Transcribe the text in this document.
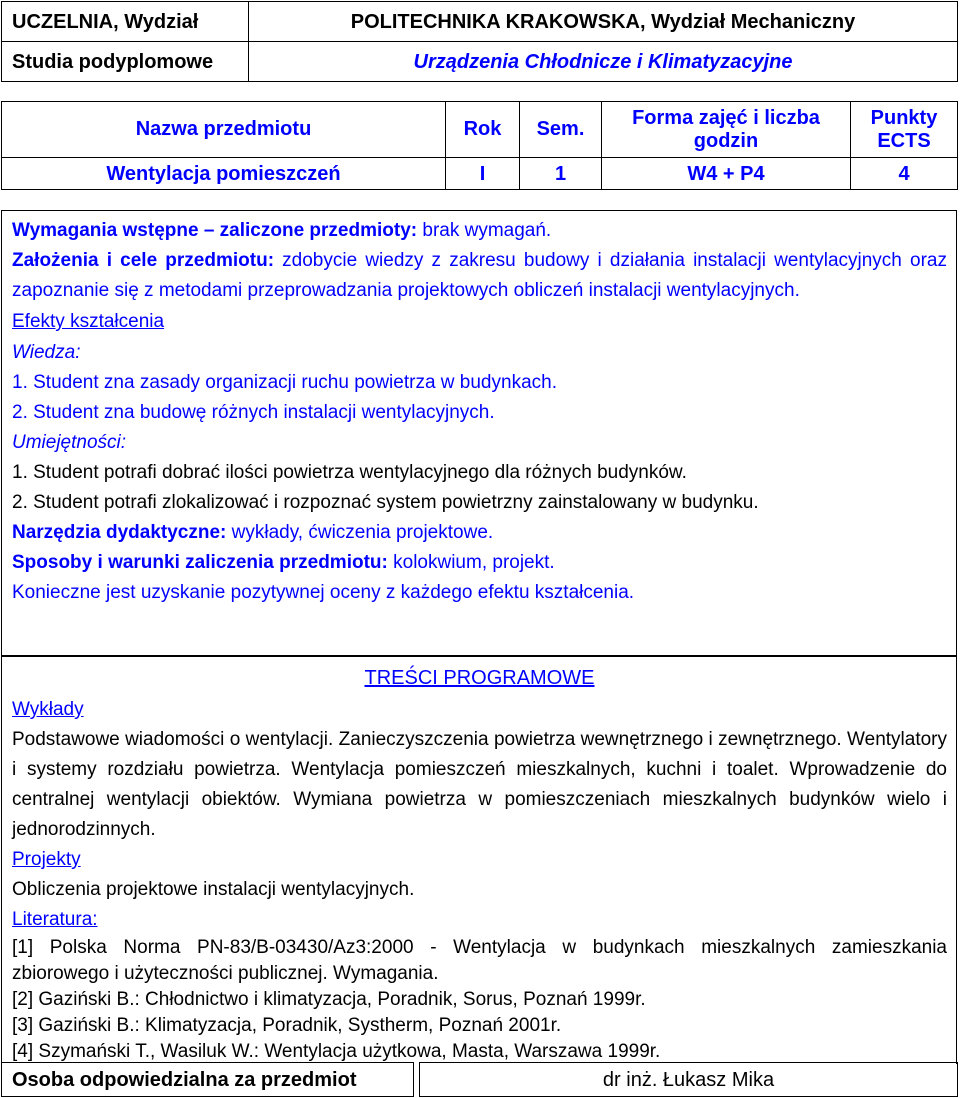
UCZELNIA, Wydział	POLITECHNIKA KRAKOWSKA, Wydział Mechaniczny
Studia podyplomowe	Urządzenia Chłodnicze i Klimatyzacyjne
Nazwa przedmiotu	Rok	Sem.	Forma zajęć i liczba godzin	Punkty ECTS
Wentylacja pomieszczeń	I	1	W4 + P4	4

Wymagania wstępne – zaliczone przedmioty: brak wymagań.

Założenia i cele przedmiotu: zdobycie wiedzy z zakresu budowy i działania instalacji wentylacyjnych oraz zapoznanie się z metodami przeprowadzania projektowych obliczeń instalacji wentylacyjnych.

Efekty kształcenia

Wiedza:

1. Student zna zasady organizacji ruchu powietrza w budynkach.

2. Student zna budowę różnych instalacji wentylacyjnych.

Umiejętności:

1. Student potrafi dobrać ilości powietrza wentylacyjnego dla różnych budynków.

2. Student potrafi zlokalizować i rozpoznać system powietrzny zainstalowany w budynku.

Narzędzia dydaktyczne: wykłady, ćwiczenia projektowe.

Sposoby i warunki zaliczenia przedmiotu: kolokwium, projekt.

Konieczne jest uzyskanie pozytywnej oceny z każdego efektu kształcenia.

TREŚCI PROGRAMOWE

Wykłady

Podstawowe wiadomości o wentylacji. Zanieczyszczenia powietrza wewnętrznego i zewnętrznego. Wentylatory i systemy rozdziału powietrza. Wentylacja pomieszczeń mieszkalnych, kuchni i toalet. Wprowadzenie do centralnej wentylacji obiektów. Wymiana powietrza w pomieszczeniach mieszkalnych budynków wielo i jednorodzinnych.

Projekty

Obliczenia projektowe instalacji wentylacyjnych.

Literatura:

[1] Polska Norma PN-83/B-03430/Az3:2000 - Wentylacja w budynkach mieszkalnych zamieszkania zbiorowego i użyteczności publicznej. Wymagania.

[2] Gaziński B.: Chłodnictwo i klimatyzacja, Poradnik, Sorus, Poznań 1999r.

[3] Gaziński B.: Klimatyzacja, Poradnik, Systherm, Poznań 2001r.

[4] Szymański T., Wasiluk W.: Wentylacja użytkowa, Masta, Warszawa 1999r.

Osoba odpowiedzialna za przedmiot		dr inż. Łukasz Mika
